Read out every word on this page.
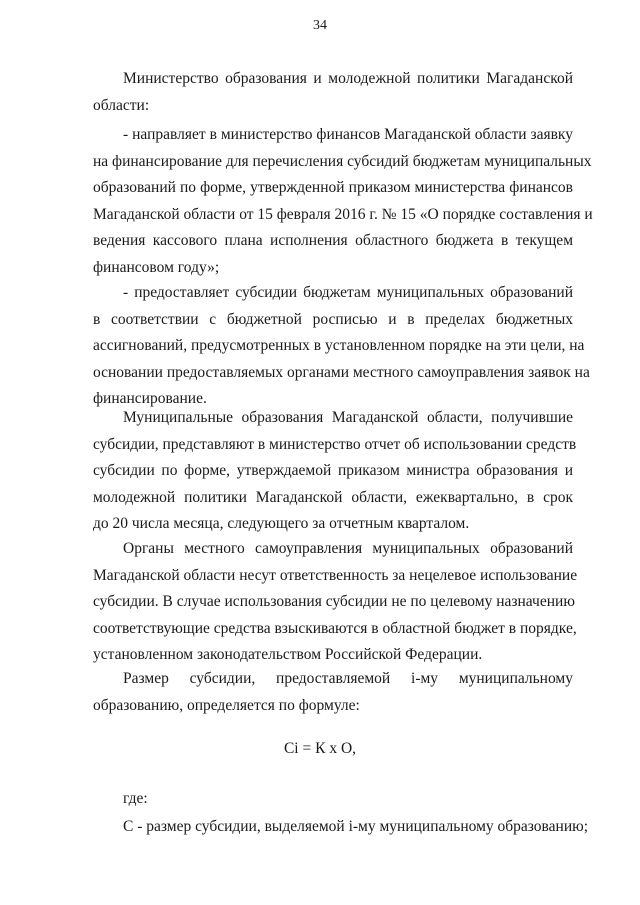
34

Министерство образования и молодежной политики Магаданской
области:

- направляет в министерство финансов Магаданской области заявку
на финансирование для перечисления субсидий бюджетам муниципальных
образований по форме, утвержденной приказом министерства финансов
Магаданской области от 15 февраля 2016 г. № 15 «О порядке составления и
ведения кассового плана исполнения областного бюджета в текущем
финансовом году»;

- предоставляет субсидии бюджетам муниципальных образований
в соответствии с бюджетной росписью и в пределах бюджетных
ассигнований, предусмотренных в установленном порядке на эти цели, на
основании предоставляемых органами местного самоуправления заявок на
финансирование.

Муниципальные образования Магаданской области, получившие
субсидии, представляют в министерство отчет об использовании средств
субсидии по форме, утверждаемой приказом министра образования и
молодежной политики Магаданской области, ежеквартально, в срок
до 20 числа месяца, следующего за отчетным кварталом.

Органы местного самоуправления муниципальных образований
Магаданской области несут ответственность за нецелевое использование
субсидии. В случае использования субсидии не по целевому назначению
соответствующие средства взыскиваются в областной бюджет в порядке,
установленном законодательством Российской Федерации.

Размер субсидии, предоставляемой i-му муниципальному
образованию, определяется по формуле:

Ci = К х О,

где:

С - размер субсидии, выделяемой i-му муниципальному образованию;
